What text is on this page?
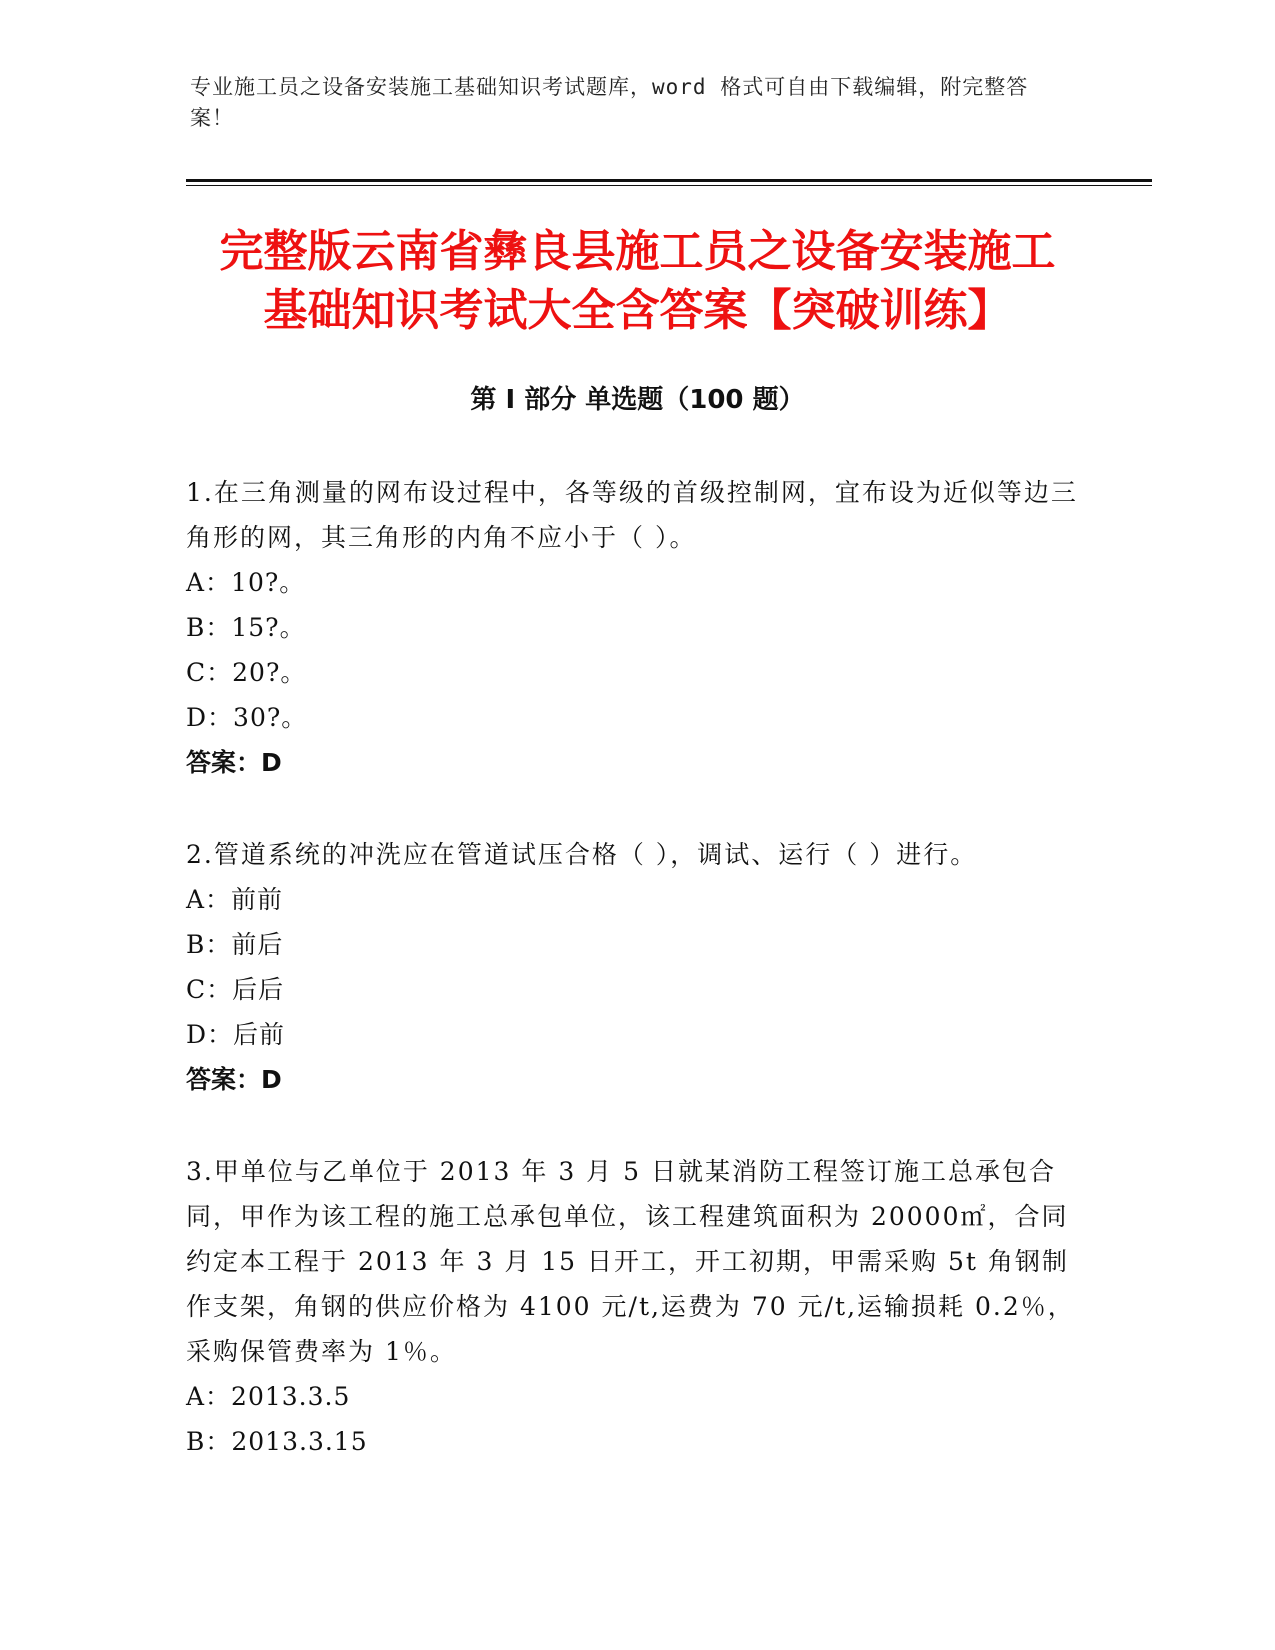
专业施工员之设备安装施工基础知识考试题库，word 格式可自由下载编辑，附完整答案！
完整版云南省彝良县施工员之设备安装施工
基础知识考试大全含答案【突破训练】
第 I 部分 单选题（100 题）

1.在三角测量的网布设过程中，各等级的首级控制网，宜布设为近似等边三角形的网，其三角形的内角不应小于（ ）。

A：10?。

B：15?。

C：20?。

D：30?。

答案：D

2.管道系统的冲洗应在管道试压合格（ ），调试、运行（ ）进行。

A：前前

B：前后

C：后后

D：后前

答案：D

3.甲单位与乙单位于 2013 年 3 月 5 日就某消防工程签订施工总承包合同，甲作为该工程的施工总承包单位，该工程建筑面积为 20000㎡，合同约定本工程于 2013 年 3 月 15 日开工，开工初期，甲需采购 5t 角钢制作支架，角钢的供应价格为 4100 元/t,运费为 70 元/t,运输损耗 0.2％，采购保管费率为 1％。

A：2013.3.5

B：2013.3.15
